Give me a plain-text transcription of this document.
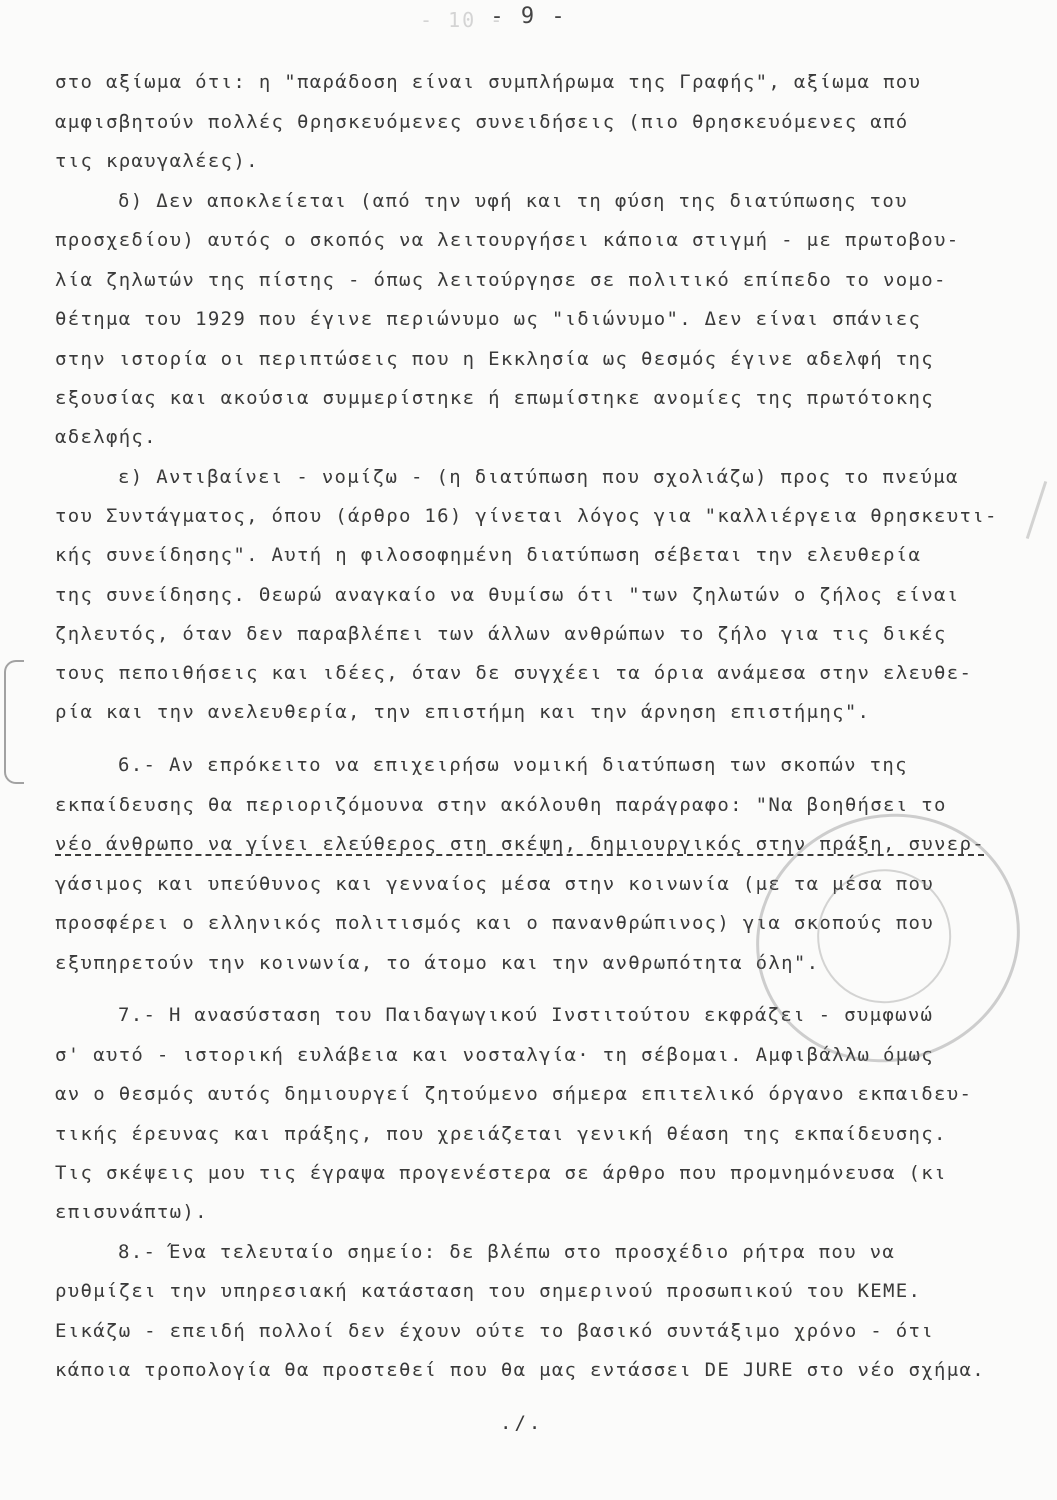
- 10 -
- 9 -
στο αξίωμα ότι: η "παράδοση είναι συμπλήρωμα της Γραφής", αξίωμα που
αμφισβητούν πολλές θρησκευόμενες συνειδήσεις (πιο θρησκευόμενες από
τις κραυγαλέες).
δ) Δεν αποκλείεται (από την υφή και τη φύση της διατύπωσης του
προσχεδίου) αυτός ο σκοπός να λειτουργήσει κάποια στιγμή - με πρωτοβου-
λία ζηλωτών της πίστης - όπως λειτούργησε σε πολιτικό επίπεδο το νομο-
θέτημα του 1929 που έγινε περιώνυμο ως "ιδιώνυμο". Δεν είναι σπάνιες
στην ιστορία οι περιπτώσεις που η Εκκλησία ως θεσμός έγινε αδελφή της
εξουσίας και ακούσια συμμερίστηκε ή επωμίστηκε ανομίες της πρωτότοκης
αδελφής.
ε) Αντιβαίνει - νομίζω - (η διατύπωση που σχολιάζω) προς το πνεύμα
του Συντάγματος, όπου (άρθρο 16) γίνεται λόγος για "καλλιέργεια θρησκευτι-
κής συνείδησης". Αυτή η φιλοσοφημένη διατύπωση σέβεται την ελευθερία
της συνείδησης. Θεωρώ αναγκαίο να θυμίσω ότι "των ζηλωτών ο ζήλος είναι
ζηλευτός, όταν δεν παραβλέπει των άλλων ανθρώπων το ζήλο για τις δικές
τους πεποιθήσεις και ιδέες, όταν δε συγχέει τα όρια ανάμεσα στην ελευθε-
ρία και την ανελευθερία, την επιστήμη και την άρνηση επιστήμης".
6.- Αν επρόκειτο να επιχειρήσω νομική διατύπωση των σκοπών της
εκπαίδευσης θα περιοριζόμουνα στην ακόλουθη παράγραφο: "Να βοηθήσει το
νέο άνθρωπο να γίνει ελεύθερος στη σκέψη, δημιουργικός στην πράξη, συνερ-
γάσιμος και υπεύθυνος και γενναίος μέσα στην κοινωνία (με τα μέσα που
προσφέρει ο ελληνικός πολιτισμός και ο πανανθρώπινος) για σκοπούς που
εξυπηρετούν την κοινωνία, το άτομο και την ανθρωπότητα όλη".
7.- Η ανασύσταση του Παιδαγωγικού Ινστιτούτου εκφράζει - συμφωνώ
σ' αυτό - ιστορική ευλάβεια και νοσταλγία· τη σέβομαι. Αμφιβάλλω όμως
αν ο θεσμός αυτός δημιουργεί ζητούμενο σήμερα επιτελικό όργανο εκπαιδευ-
τικής έρευνας και πράξης, που χρειάζεται γενική θέαση της εκπαίδευσης.
Τις σκέψεις μου τις έγραψα προγενέστερα σε άρθρο που προμνημόνευσα (κι
επισυνάπτω).
8.- Ένα τελευταίο σημείο: δε βλέπω στο προσχέδιο ρήτρα που να
ρυθμίζει την υπηρεσιακή κατάσταση του σημερινού προσωπικού του ΚΕΜΕ.
Εικάζω - επειδή πολλοί δεν έχουν ούτε το βασικό συντάξιμο χρόνο - ότι
κάποια τροπολογία θα προστεθεί που θα μας εντάσσει DE JURE στο νέο σχήμα.
./.
